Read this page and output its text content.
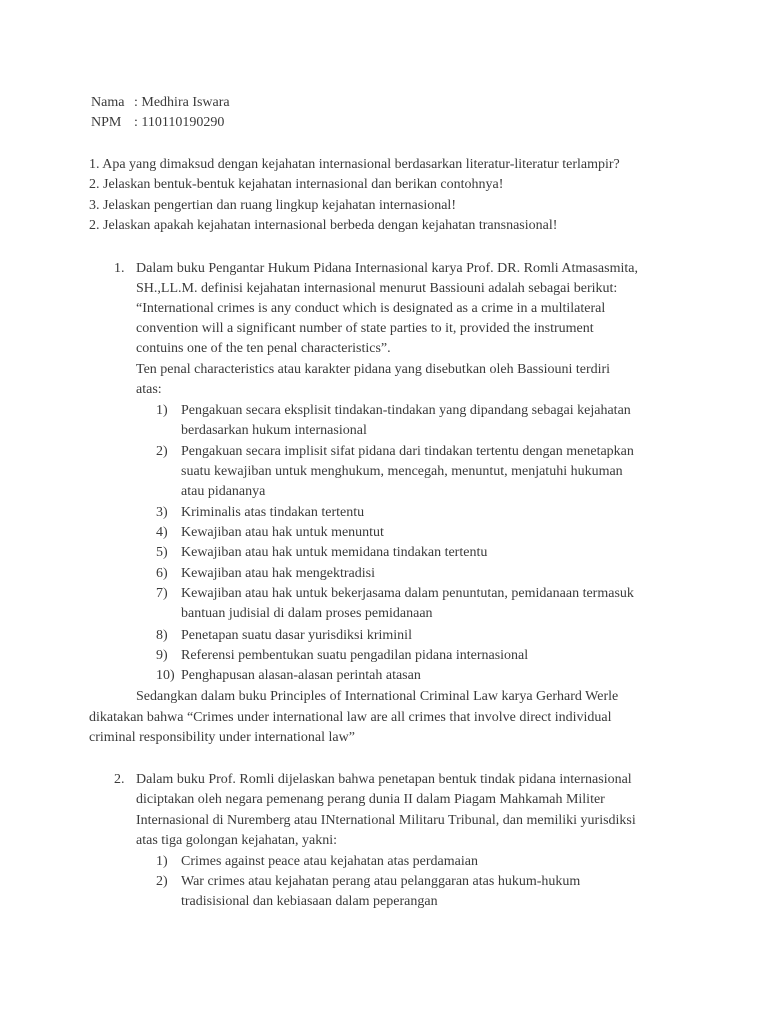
Nama : Medhira Iswara
NPM : 110110190290
1. Apa yang dimaksud dengan kejahatan internasional berdasarkan literatur-literatur terlampir?
2. Jelaskan bentuk-bentuk kejahatan internasional dan berikan contohnya!
3. Jelaskan pengertian dan ruang lingkup kejahatan internasional!
2. Jelaskan apakah kejahatan internasional berbeda dengan kejahatan transnasional!
1. Dalam buku Pengantar Hukum Pidana Internasional karya Prof. DR. Romli Atmasasmita,
SH.,LL.M. definisi kejahatan internasional menurut Bassiouni adalah sebagai berikut:
“International crimes is any conduct which is designated as a crime in a multilateral
convention will a significant number of state parties to it, provided the instrument
contuins one of the ten penal characteristics”.
Ten penal characteristics atau karakter pidana yang disebutkan oleh Bassiouni terdiri
atas:
1) Pengakuan secara eksplisit tindakan-tindakan yang dipandang sebagai kejahatan
berdasarkan hukum internasional
2) Pengakuan secara implisit sifat pidana dari tindakan tertentu dengan menetapkan
suatu kewajiban untuk menghukum, mencegah, menuntut, menjatuhi hukuman
atau pidananya
3) Kriminalis atas tindakan tertentu
4) Kewajiban atau hak untuk menuntut
5) Kewajiban atau hak untuk memidana tindakan tertentu
6) Kewajiban atau hak mengektradisi
7) Kewajiban atau hak untuk bekerjasama dalam penuntutan, pemidanaan termasuk
bantuan judisial di dalam proses pemidanaan
8) Penetapan suatu dasar yurisdiksi kriminil
9) Referensi pembentukan suatu pengadilan pidana internasional
10) Penghapusan alasan-alasan perintah atasan
Sedangkan dalam buku Principles of International Criminal Law karya Gerhard Werle
dikatakan bahwa “Crimes under international law are all crimes that involve direct individual
criminal responsibility under international law”
2. Dalam buku Prof. Romli dijelaskan bahwa penetapan bentuk tindak pidana internasional
diciptakan oleh negara pemenang perang dunia II dalam Piagam Mahkamah Militer
Internasional di Nuremberg atau INternational Militaru Tribunal, dan memiliki yurisdiksi
atas tiga golongan kejahatan, yakni:
1) Crimes against peace atau kejahatan atas perdamaian
2) War crimes atau kejahatan perang atau pelanggaran atas hukum-hukum
tradisisional dan kebiasaan dalam peperangan
